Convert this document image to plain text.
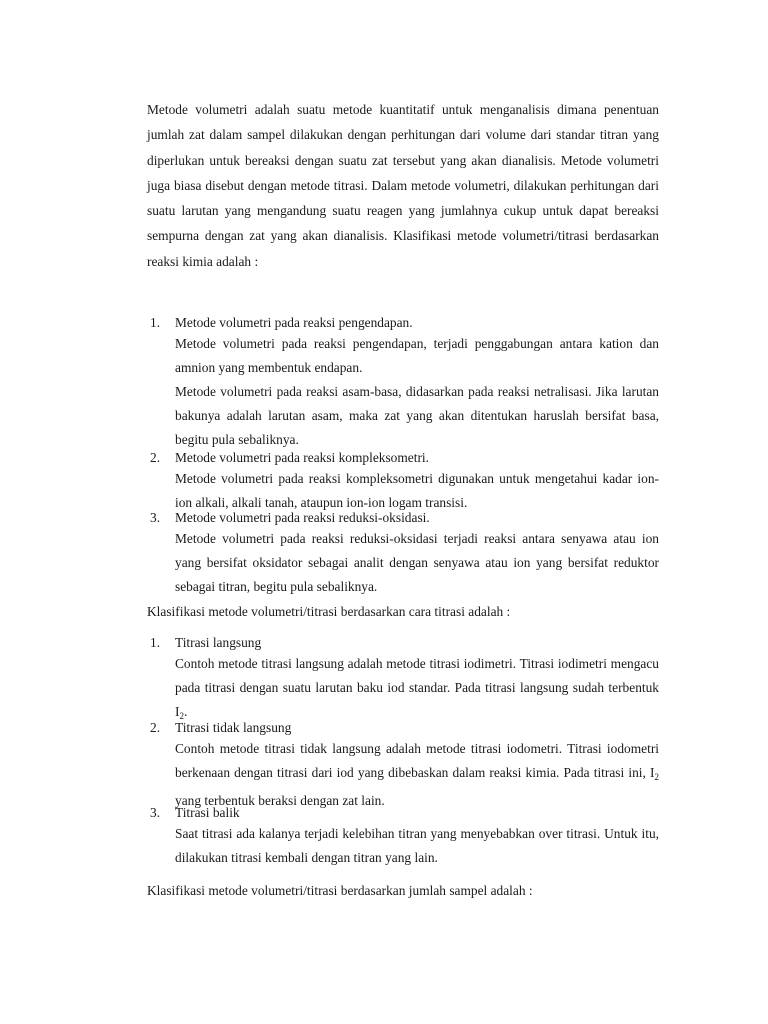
Metode volumetri adalah suatu metode kuantitatif untuk menganalisis dimana penentuan jumlah zat dalam sampel dilakukan dengan perhitungan dari volume dari standar titran yang diperlukan untuk bereaksi dengan suatu zat tersebut yang akan dianalisis. Metode volumetri juga biasa disebut dengan metode titrasi. Dalam metode volumetri, dilakukan perhitungan dari suatu larutan yang mengandung suatu reagen yang jumlahnya cukup untuk dapat bereaksi sempurna dengan zat yang akan dianalisis. Klasifikasi metode volumetri/titrasi berdasarkan reaksi kimia adalah :

1. Metode volumetri pada reaksi pengendapan.

Metode volumetri pada reaksi pengendapan, terjadi penggabungan antara kation dan amnion yang membentuk endapan.

Metode volumetri pada reaksi asam-basa, didasarkan pada reaksi netralisasi. Jika larutan bakunya adalah larutan asam, maka zat yang akan ditentukan haruslah bersifat basa, begitu pula sebaliknya.

2. Metode volumetri pada reaksi kompleksometri.

Metode volumetri pada reaksi kompleksometri digunakan untuk mengetahui kadar ion-ion alkali, alkali tanah, ataupun ion-ion logam transisi.

3. Metode volumetri pada reaksi reduksi-oksidasi.

Metode volumetri pada reaksi reduksi-oksidasi terjadi reaksi antara senyawa atau ion yang bersifat oksidator sebagai analit dengan senyawa atau ion yang bersifat reduktor sebagai titran, begitu pula sebaliknya.

Klasifikasi metode volumetri/titrasi berdasarkan cara titrasi adalah :

1. Titrasi langsung

Contoh metode titrasi langsung adalah metode titrasi iodimetri. Titrasi iodimetri mengacu pada titrasi dengan suatu larutan baku iod standar. Pada titrasi langsung sudah terbentuk $I_2$.

2. Titrasi tidak langsung

Contoh metode titrasi tidak langsung adalah metode titrasi iodometri. Titrasi iodometri berkenaan dengan titrasi dari iod yang dibebaskan dalam reaksi kimia. Pada titrasi ini, $I_2$ yang terbentuk beraksi dengan zat lain.

3. Titrasi balik

Saat titrasi ada kalanya terjadi kelebihan titran yang menyebabkan over titrasi. Untuk itu, dilakukan titrasi kembali dengan titran yang lain.

Klasifikasi metode volumetri/titrasi berdasarkan jumlah sampel adalah :
